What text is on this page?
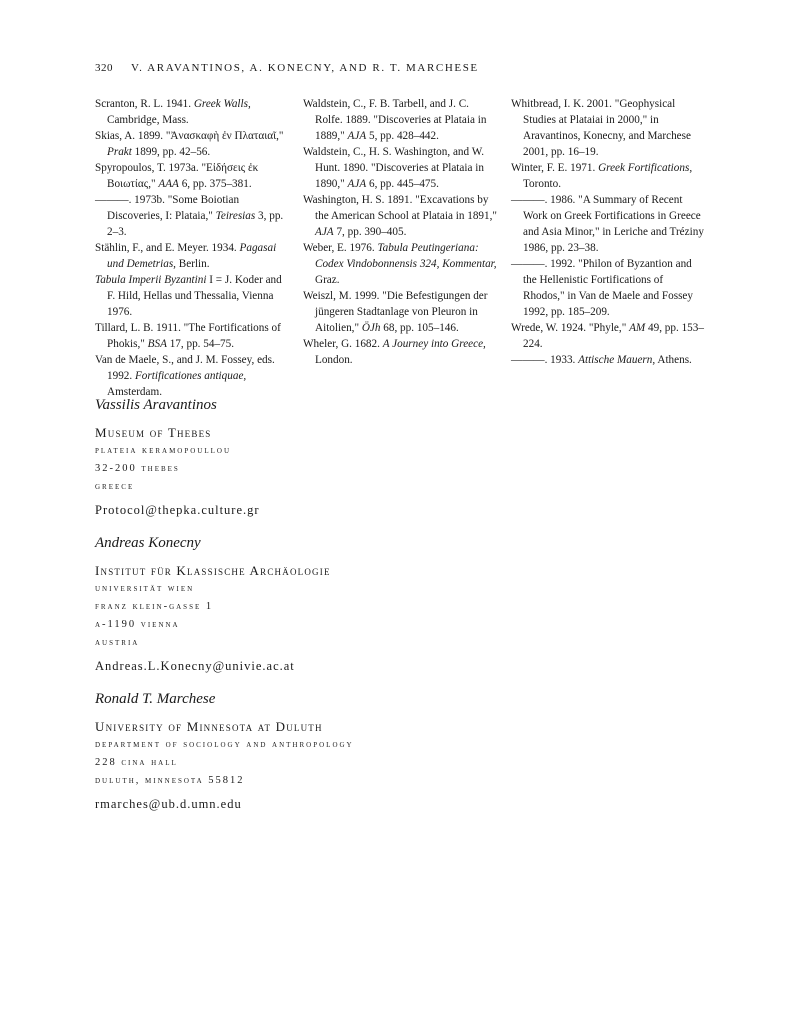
320 V. ARAVANTINOS, A. KONECNY, AND R. T. MARCHESE
Scranton, R. L. 1941. Greek Walls, Cambridge, Mass.
Skias, A. 1899. "Ἀνασκαφὴ ἐν Πλαταιαῖ," Prakt 1899, pp. 42–56.
Spyropoulos, T. 1973a. "Εἰδήσεις ἐκ Βοιωτίας," AAA 6, pp. 375–381.
———. 1973b. "Some Boiotian Discoveries, I: Plataia," Teiresias 3, pp. 2–3.
Stählin, F., and E. Meyer. 1934. Pagasai und Demetrias, Berlin.
Tabula Imperii Byzantini I = J. Koder and F. Hild, Hellas und Thessalia, Vienna 1976.
Tillard, L. B. 1911. "The Fortifications of Phokis," BSA 17, pp. 54–75.
Van de Maele, S., and J. M. Fossey, eds. 1992. Fortificationes antiquae, Amsterdam.
Waldstein, C., F. B. Tarbell, and J. C. Rolfe. 1889. "Discoveries at Plataia in 1889," AJA 5, pp. 428–442.
Waldstein, C., H. S. Washington, and W. Hunt. 1890. "Discoveries at Plataia in 1890," AJA 6, pp. 445–475.
Washington, H. S. 1891. "Excavations by the American School at Plataia in 1891," AJA 7, pp. 390–405.
Weber, E. 1976. Tabula Peutingeriana: Codex Vindobonnensis 324, Kommentar, Graz.
Weiszl, M. 1999. "Die Befestigungen der jüngeren Stadtanlage von Pleuron in Aitolien," ÖJh 68, pp. 105–146.
Wheler, G. 1682. A Journey into Greece, London.
Whitbread, I. K. 2001. "Geophysical Studies at Plataiai in 2000," in Aravantinos, Konecny, and Marchese 2001, pp. 16–19.
Winter, F. E. 1971. Greek Fortifications, Toronto.
———. 1986. "A Summary of Recent Work on Greek Fortifications in Greece and Asia Minor," in Leriche and Tréziny 1986, pp. 23–38.
———. 1992. "Philon of Byzantion and the Hellenistic Fortifications of Rhodos," in Van de Maele and Fossey 1992, pp. 185–209.
Wrede, W. 1924. "Phyle," AM 49, pp. 153–224.
———. 1933. Attische Mauern, Athens.
Vassilis Aravantinos
Museum of Thebes
plateia keramopoullou
32-200 thebes
greece
Protocol@thepka.culture.gr
Andreas Konecny
Institut für Klassische Archäologie
universität wien
franz klein-gasse 1
a-1190 vienna
austria
Andreas.L.Konecny@univie.ac.at
Ronald T. Marchese
University of Minnesota at Duluth
department of sociology and anthropology
228 cina hall
duluth, minnesota 55812
rmarches@ub.d.umn.edu
